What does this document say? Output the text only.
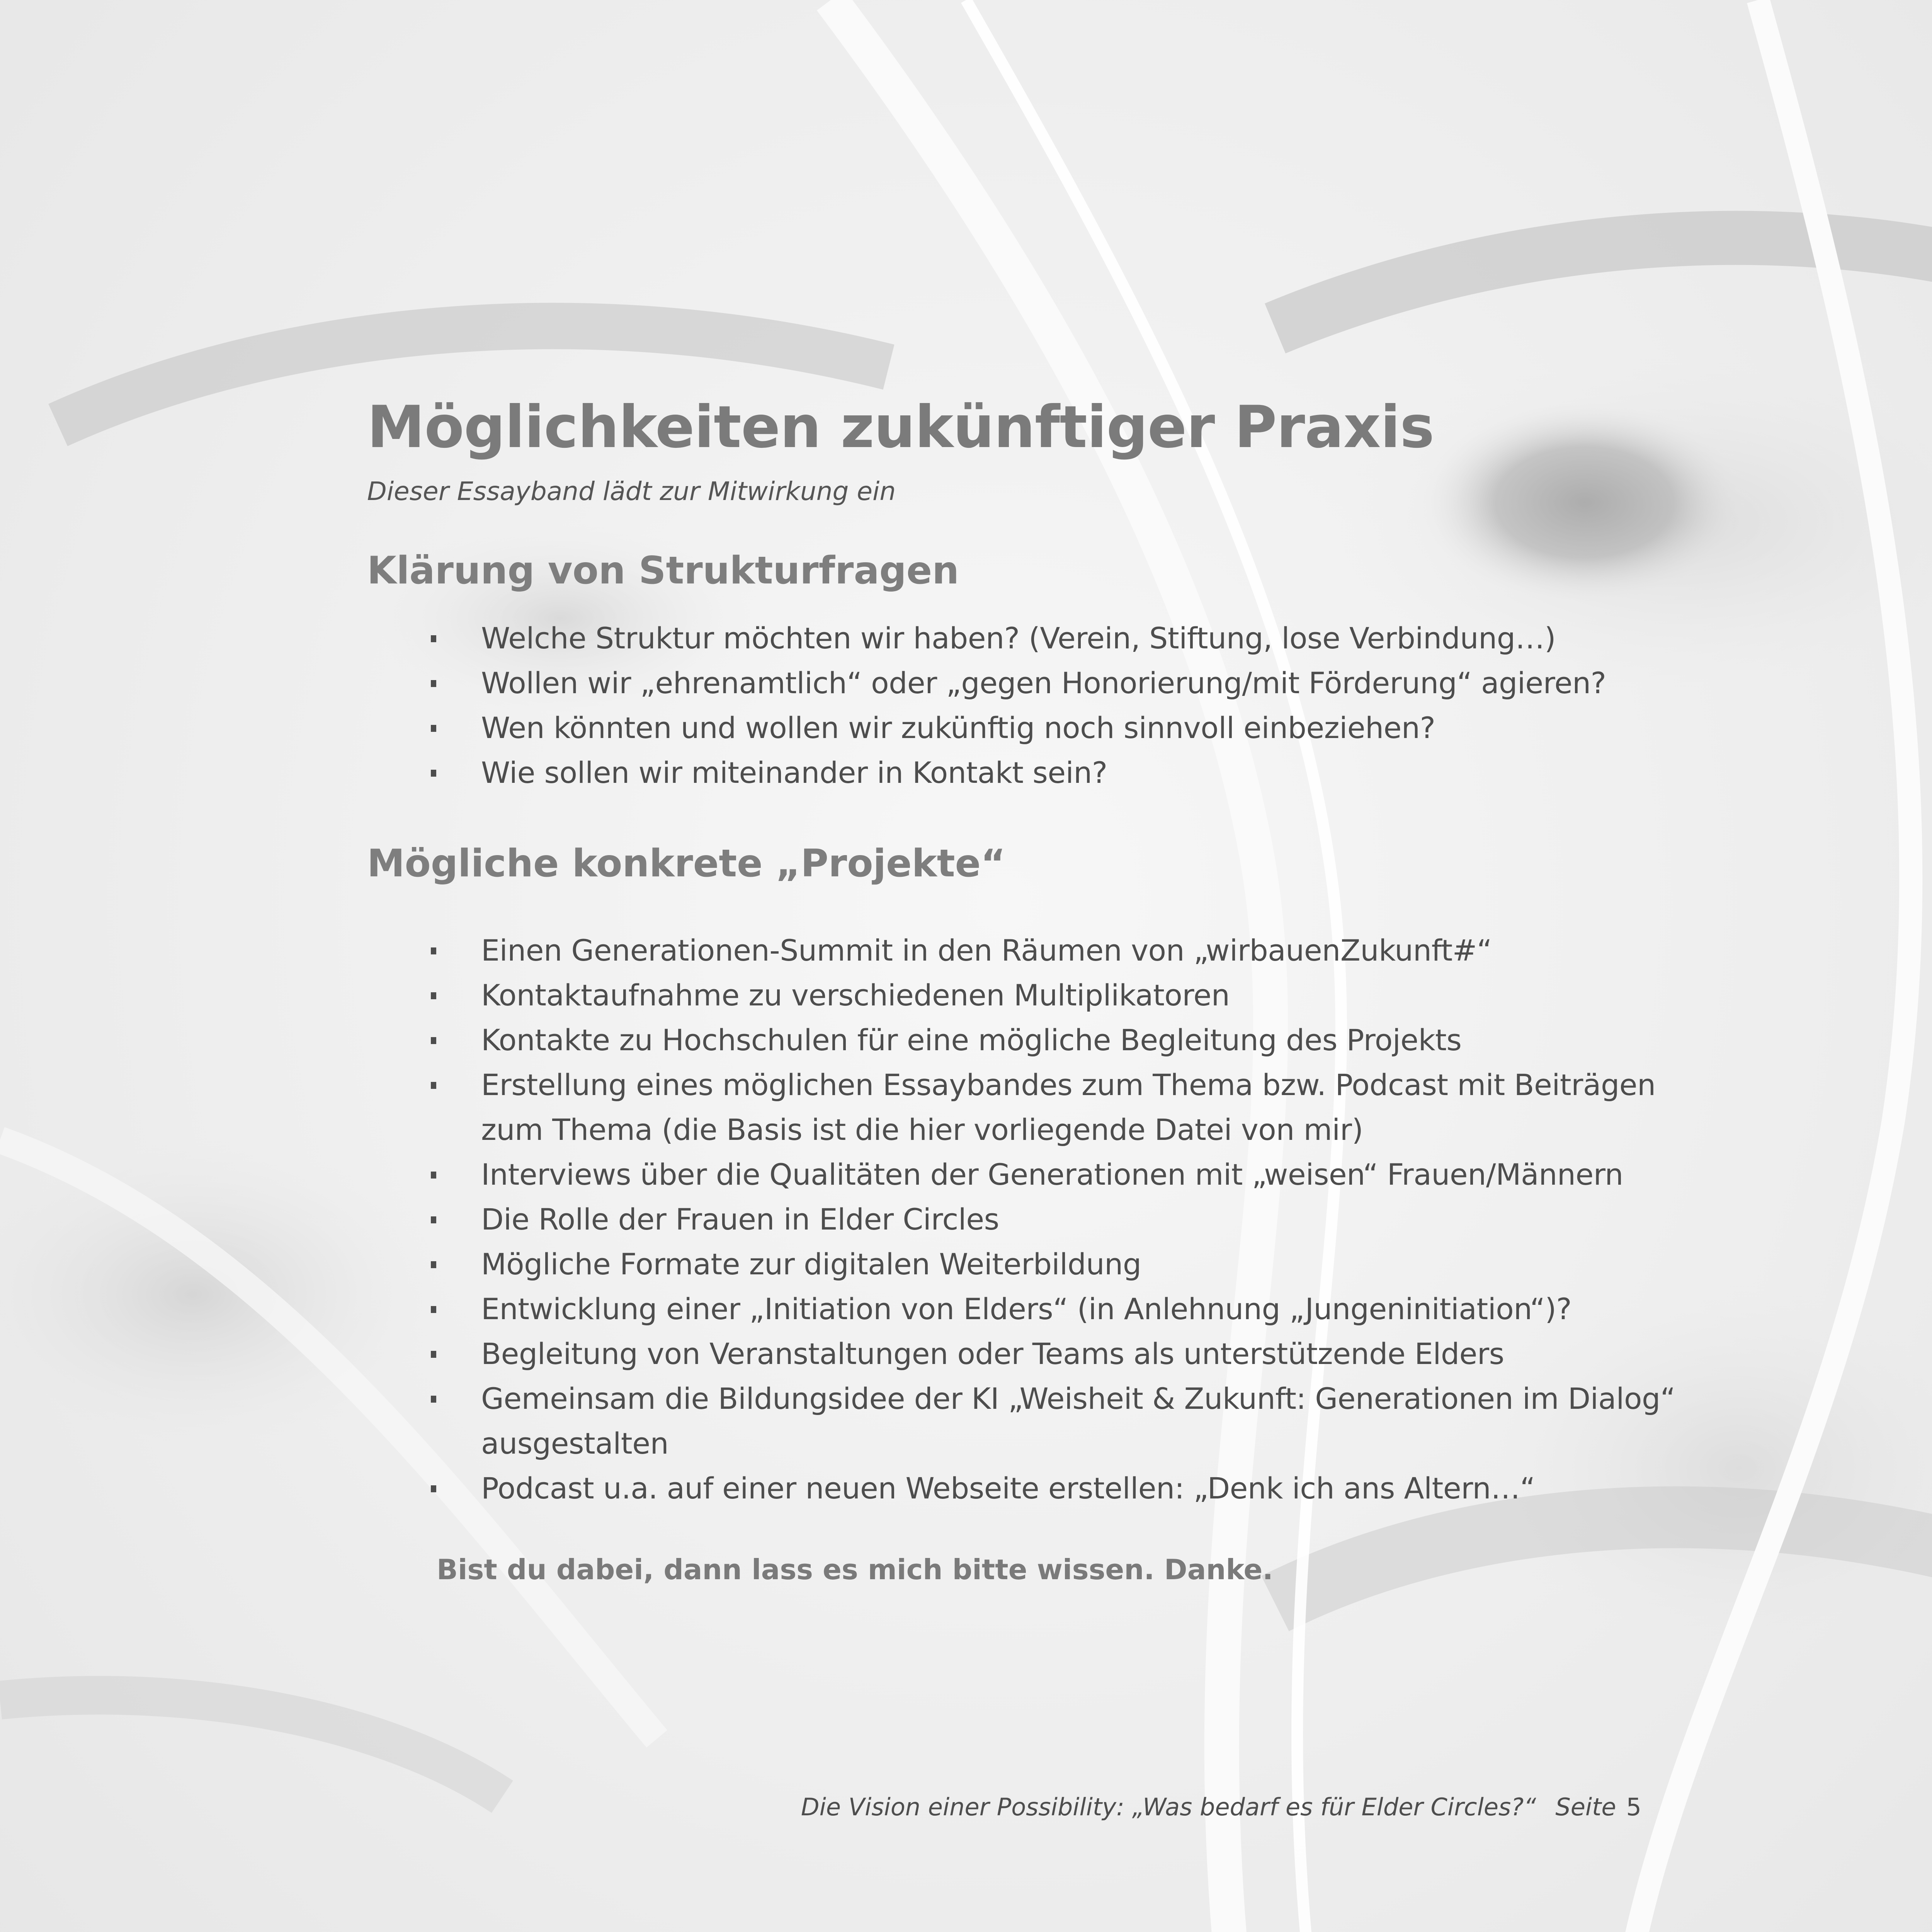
Möglichkeiten zukünftiger Praxis
Dieser Essayband lädt zur Mitwirkung ein
Klärung von Strukturfragen
Welche Struktur möchten wir haben? (Verein, Stiftung, lose Verbindung…)
Wollen wir „ehrenamtlich“ oder „gegen Honorierung/mit Förderung“ agieren?
Wen könnten und wollen wir zukünftig noch sinnvoll einbeziehen?
Wie sollen wir miteinander in Kontakt sein?
Mögliche konkrete „Projekte“
Einen Generationen-Summit in den Räumen von „wirbauenZukunft#“
Kontaktaufnahme zu verschiedenen Multiplikatoren
Kontakte zu Hochschulen für eine mögliche Begleitung des Projekts
Erstellung eines möglichen Essaybandes zum Thema bzw. Podcast mit Beiträgen zum Thema (die Basis ist die hier vorliegende Datei von mir)
Interviews über die Qualitäten der Generationen mit „weisen“ Frauen/Männern
Die Rolle der Frauen in Elder Circles
Mögliche Formate zur digitalen Weiterbildung
Entwicklung einer „Initiation von Elders“ (in Anlehnung „Jungeninitiation“)?
Begleitung von Veranstaltungen oder Teams als unterstützende Elders
Gemeinsam die Bildungsidee der KI „Weisheit & Zukunft: Generationen im Dialog“ ausgestalten
Podcast u.a. auf einer neuen Webseite erstellen: „Denk ich ans Altern…“
Bist du dabei, dann lass es mich bitte wissen. Danke.
Die Vision einer Possibility: „Was bedarf es für Elder Circles?“ Seite 5
